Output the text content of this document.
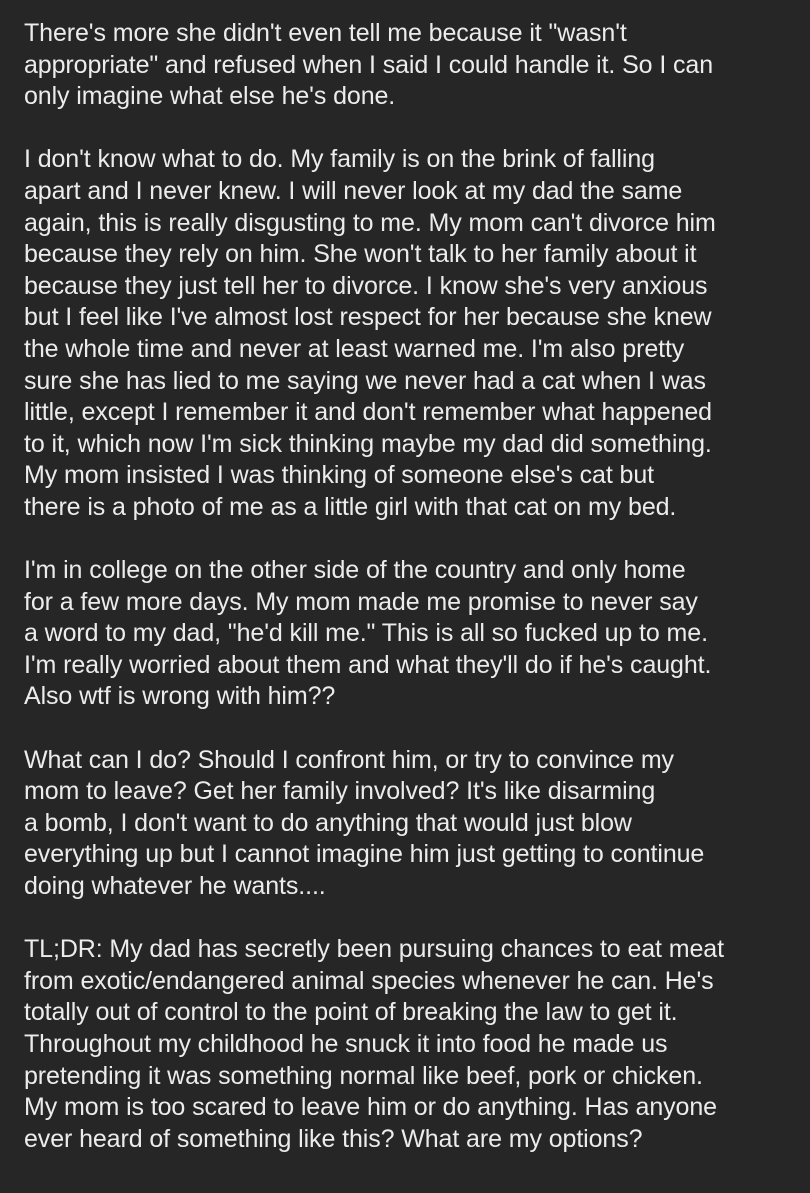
There's more she didn't even tell me because it "wasn't
appropriate" and refused when I said I could handle it. So I can
only imagine what else he's done.
I don't know what to do. My family is on the brink of falling
apart and I never knew. I will never look at my dad the same
again, this is really disgusting to me. My mom can't divorce him
because they rely on him. She won't talk to her family about it
because they just tell her to divorce. I know she's very anxious
but I feel like I've almost lost respect for her because she knew
the whole time and never at least warned me. I'm also pretty
sure she has lied to me saying we never had a cat when I was
little, except I remember it and don't remember what happened
to it, which now I'm sick thinking maybe my dad did something.
My mom insisted I was thinking of someone else's cat but
there is a photo of me as a little girl with that cat on my bed.
I'm in college on the other side of the country and only home
for a few more days. My mom made me promise to never say
a word to my dad, "he'd kill me." This is all so fucked up to me.
I'm really worried about them and what they'll do if he's caught.
Also wtf is wrong with him??
What can I do? Should I confront him, or try to convince my
mom to leave? Get her family involved? It's like disarming
a bomb, I don't want to do anything that would just blow
everything up but I cannot imagine him just getting to continue
doing whatever he wants....
TL;DR: My dad has secretly been pursuing chances to eat meat
from exotic/endangered animal species whenever he can. He's
totally out of control to the point of breaking the law to get it.
Throughout my childhood he snuck it into food he made us
pretending it was something normal like beef, pork or chicken.
My mom is too scared to leave him or do anything. Has anyone
ever heard of something like this? What are my options?
